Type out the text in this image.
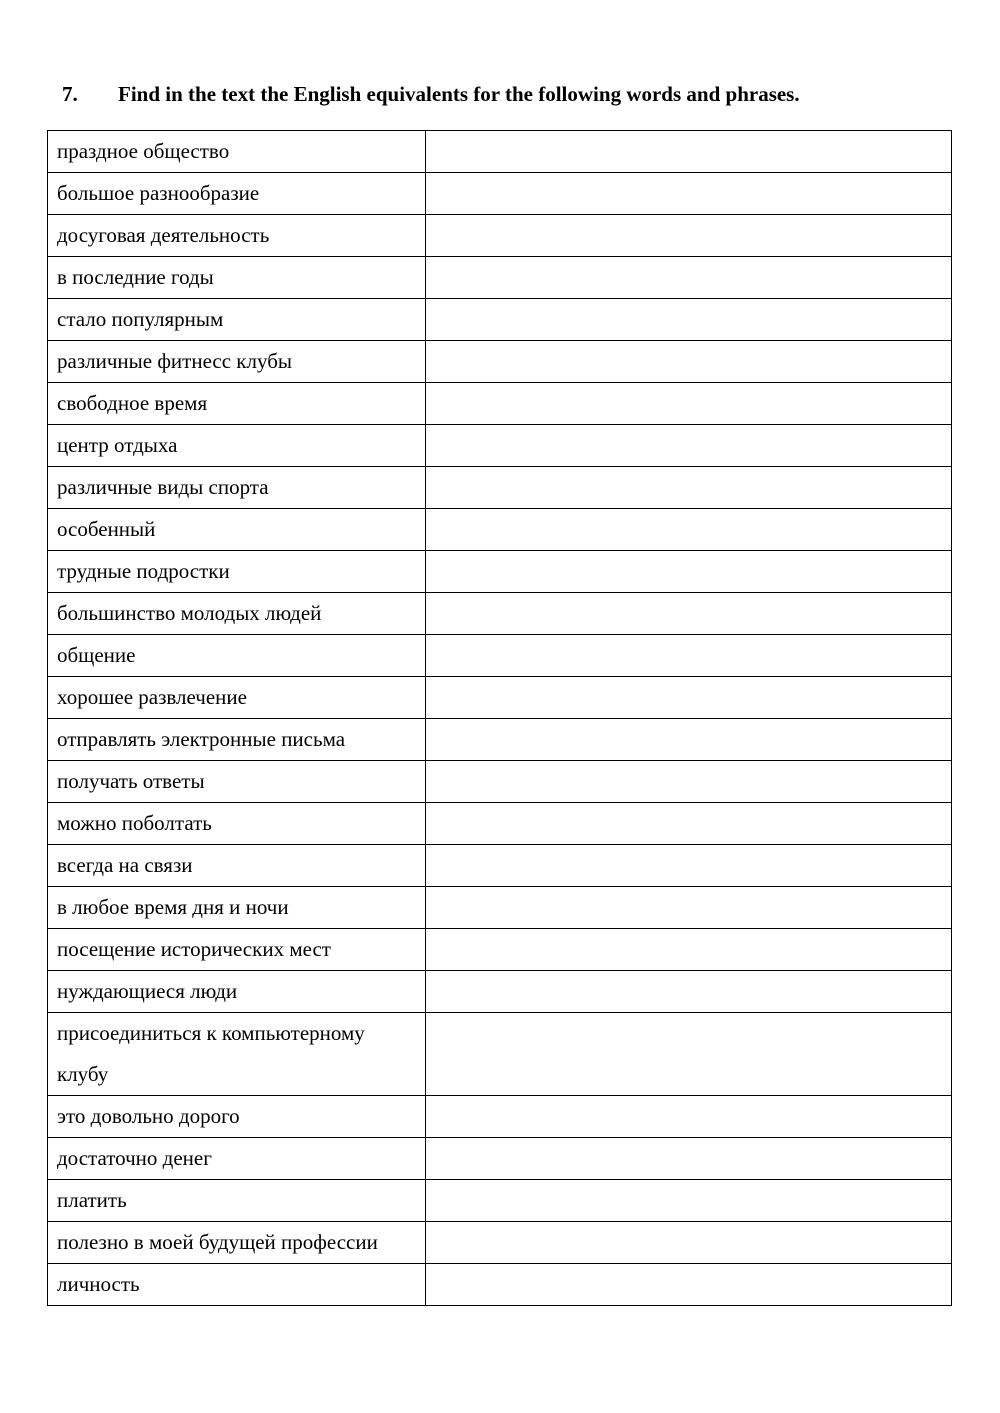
7. Find in the text the English equivalents for the following words and phrases.
праздное общество	
большое разнообразие	
досуговая деятельность	
в последние годы	
стало популярным	
различные фитнесс клубы	
свободное время	
центр отдыха	
различные виды спорта	
особенный	
трудные подростки	
большинство молодых людей	
общение	
хорошее развлечение	
отправлять электронные письма	
получать ответы	
можно поболтать	
всегда на связи	
в любое время дня и ночи	
посещение исторических мест	
нуждающиеся люди	
присоединиться к компьютерному клубу	
это довольно дорого	
достаточно денег	
платить	
полезно в моей будущей профессии	
личность	
